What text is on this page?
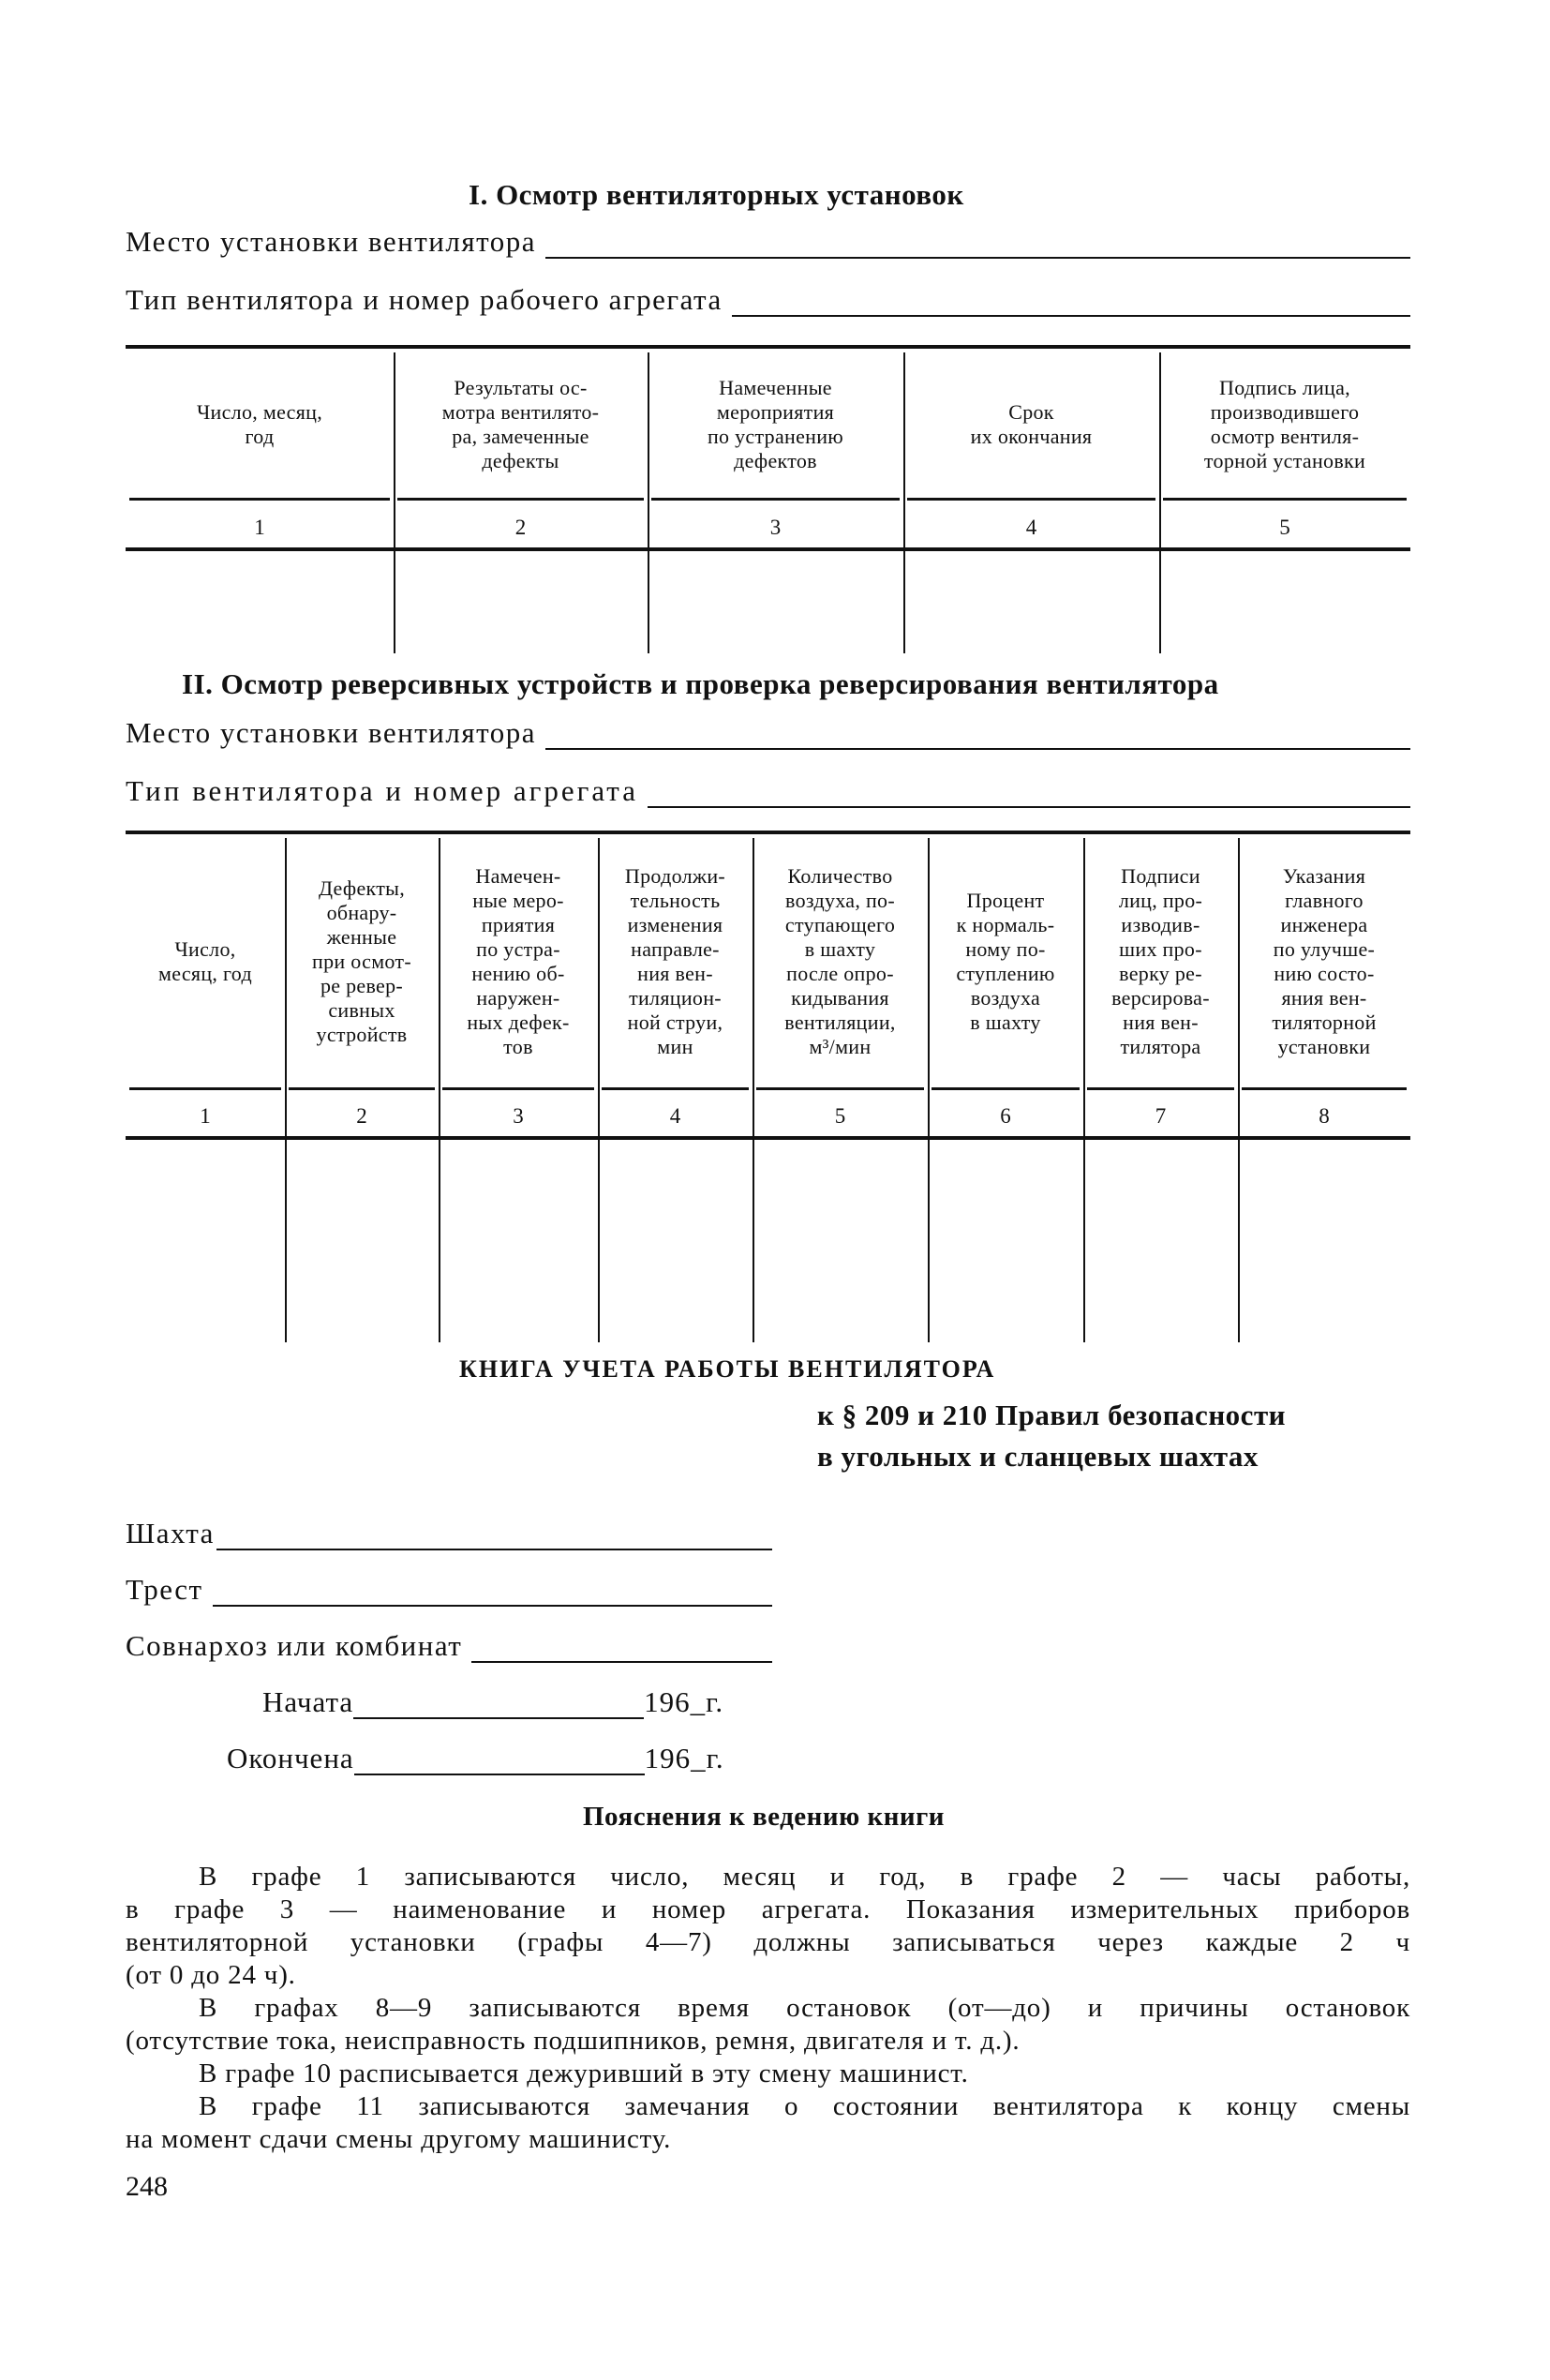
I. Осмотр вентиляторных установок
Место установки вентилятора
Тип вентилятора и номер рабочего агрегата
Число, месяц,
год
1
Результаты ос-
мотра вентилято-
ра, замеченные
дефекты
2
Намеченные
мероприятия
по устранению
дефектов
3
Срок
их окончания
4
Подпись лица,
производившего
осмотр вентиля-
торной установки
5
II. Осмотр реверсивных устройств и проверка реверсирования вентилятора
Место установки вентилятора
Тип вентилятора и номер агрегата
Число,
месяц, год
1
Дефекты,
обнару-
женные
при осмот-
ре ревер-
сивных
устройств
2
Намечен-
ные меро-
приятия
по устра-
нению об-
наружен-
ных дефек-
тов
3
Продолжи-
тельность
изменения
направле-
ния вен-
тиляцион-
ной струи,
мин
4
Количество
воздуха, по-
ступающего
в шахту
после опро-
кидывания
вентиляции,
м³/мин
5
Процент
к нормаль-
ному по-
ступлению
воздуха
в шахту
6
Подписи
лиц, про-
изводив-
ших про-
верку ре-
версирова-
ния вен-
тилятора
7
Указания
главного
инженера
по улучше-
нию состо-
яния вен-
тиляторной
установки
8
КНИГА УЧЕТА РАБОТЫ ВЕНТИЛЯТОРА
к § 209 и 210 Правил безопасности
в угольных и сланцевых шахтах
Шахта
Трест
Совнархоз или комбинат
Начата	196_г.
Окончена	196_г.
Пояснения к ведению книги
В графе 1 записываются число, месяц и год, в графе 2 — часы работы,
в графе 3 — наименование и номер агрегата. Показания измерительных приборов
вентиляторной установки (графы 4—7) должны записываться через каждые 2 ч
(от 0 до 24 ч).
В графах 8—9 записываются время остановок (от—до) и причины остановок
(отсутствие тока, неисправность подшипников, ремня, двигателя и т. д.).
В графе 10 расписывается дежуривший в эту смену машинист.
В графе 11 записываются замечания о состоянии вентилятора к концу смены
на момент сдачи смены другому машинисту.
248
